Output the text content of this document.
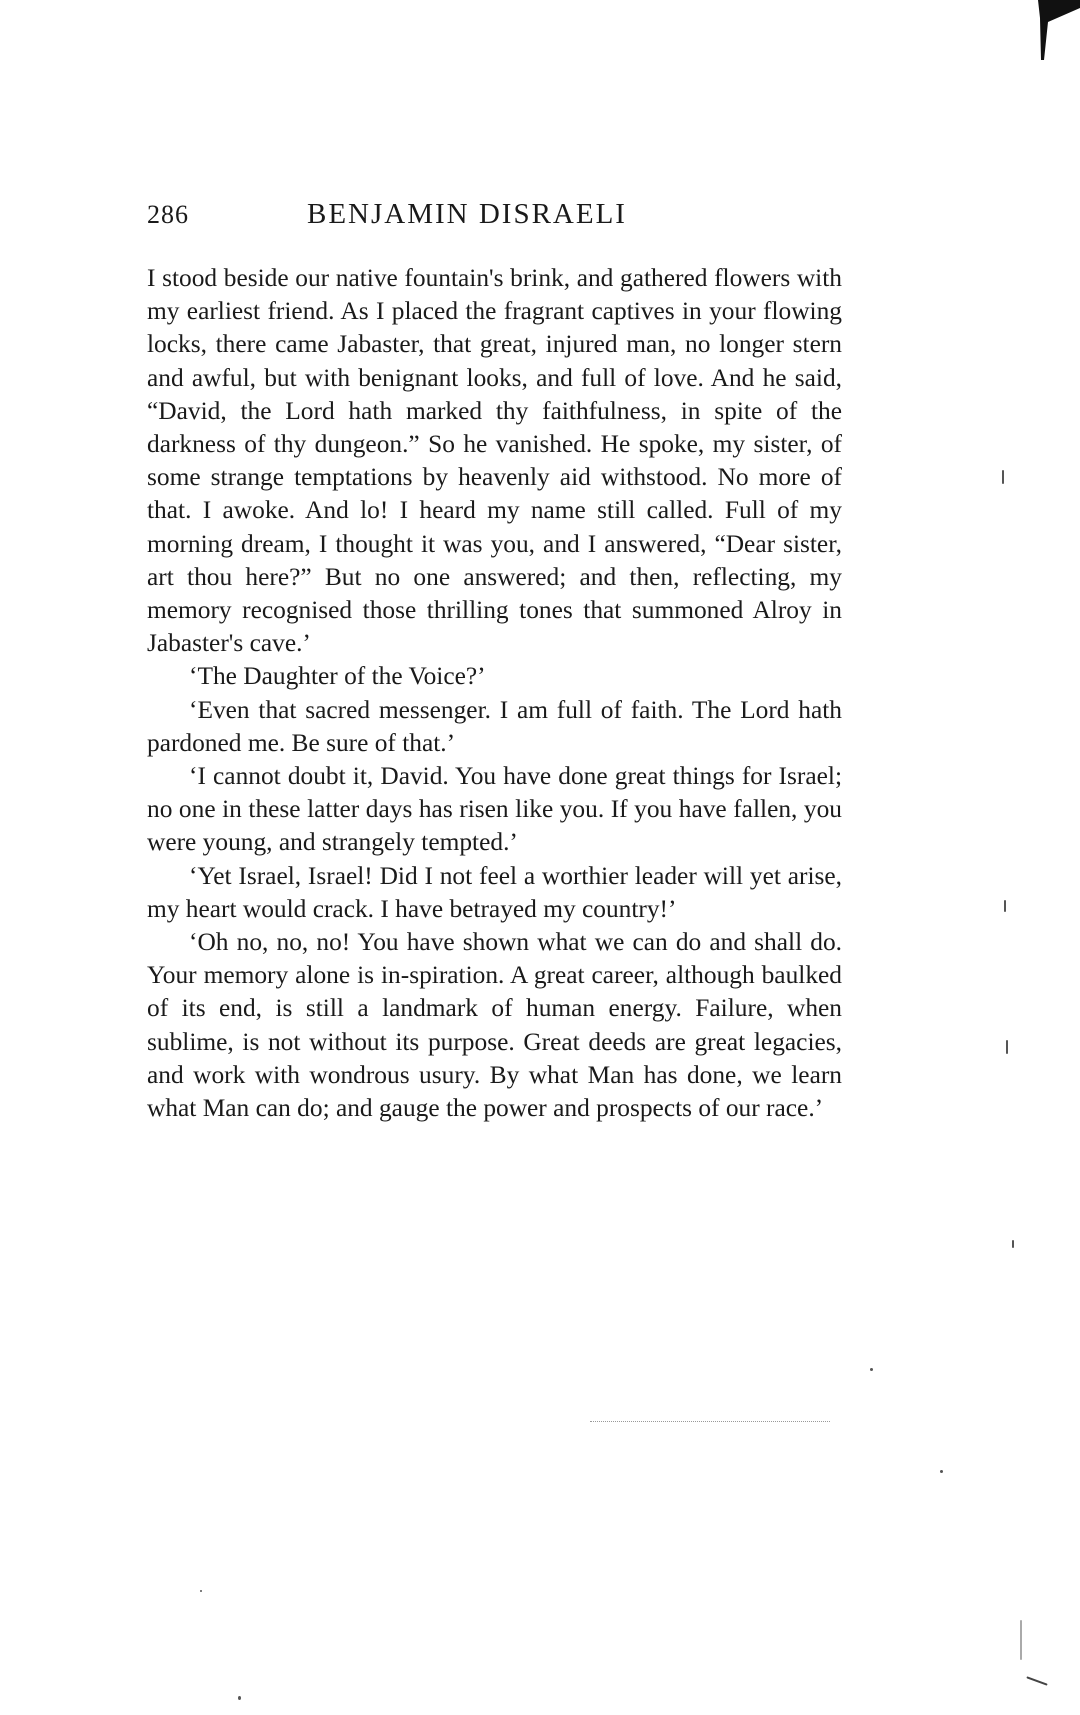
286	BENJAMIN DISRAELI

I stood beside our native fountain's brink, and gathered flowers with my earliest friend. As I placed the fragrant captives in your flowing locks, there came Jabaster, that great, injured man, no longer stern and awful, but with benignant looks, and full of love. And he said, “David, the Lord hath marked thy faithfulness, in spite of the darkness of thy dungeon.” So he vanished. He spoke, my sister, of some strange temptations by heavenly aid withstood. No more of that. I awoke. And lo! I heard my name still called. Full of my morning dream, I thought it was you, and I answered, “Dear sister, art thou here?” But no one answered; and then, reflecting, my memory recognised those thrilling tones that summoned Alroy in Jabaster's cave.’

‘The Daughter of the Voice?’

‘Even that sacred messenger. I am full of faith. The Lord hath pardoned me. Be sure of that.’

‘I cannot doubt it, David. You have done great things for Israel; no one in these latter days has risen like you. If you have fallen, you were young, and strangely tempted.’

‘Yet Israel, Israel! Did I not feel a worthier leader will yet arise, my heart would crack. I have betrayed my country!’

‘Oh no, no, no! You have shown what we can do and shall do. Your memory alone is in-spiration. A great career, although baulked of its end, is still a landmark of human energy. Failure, when sublime, is not without its purpose. Great deeds are great legacies, and work with wondrous usury. By what Man has done, we learn what Man can do; and gauge the power and prospects of our race.’
